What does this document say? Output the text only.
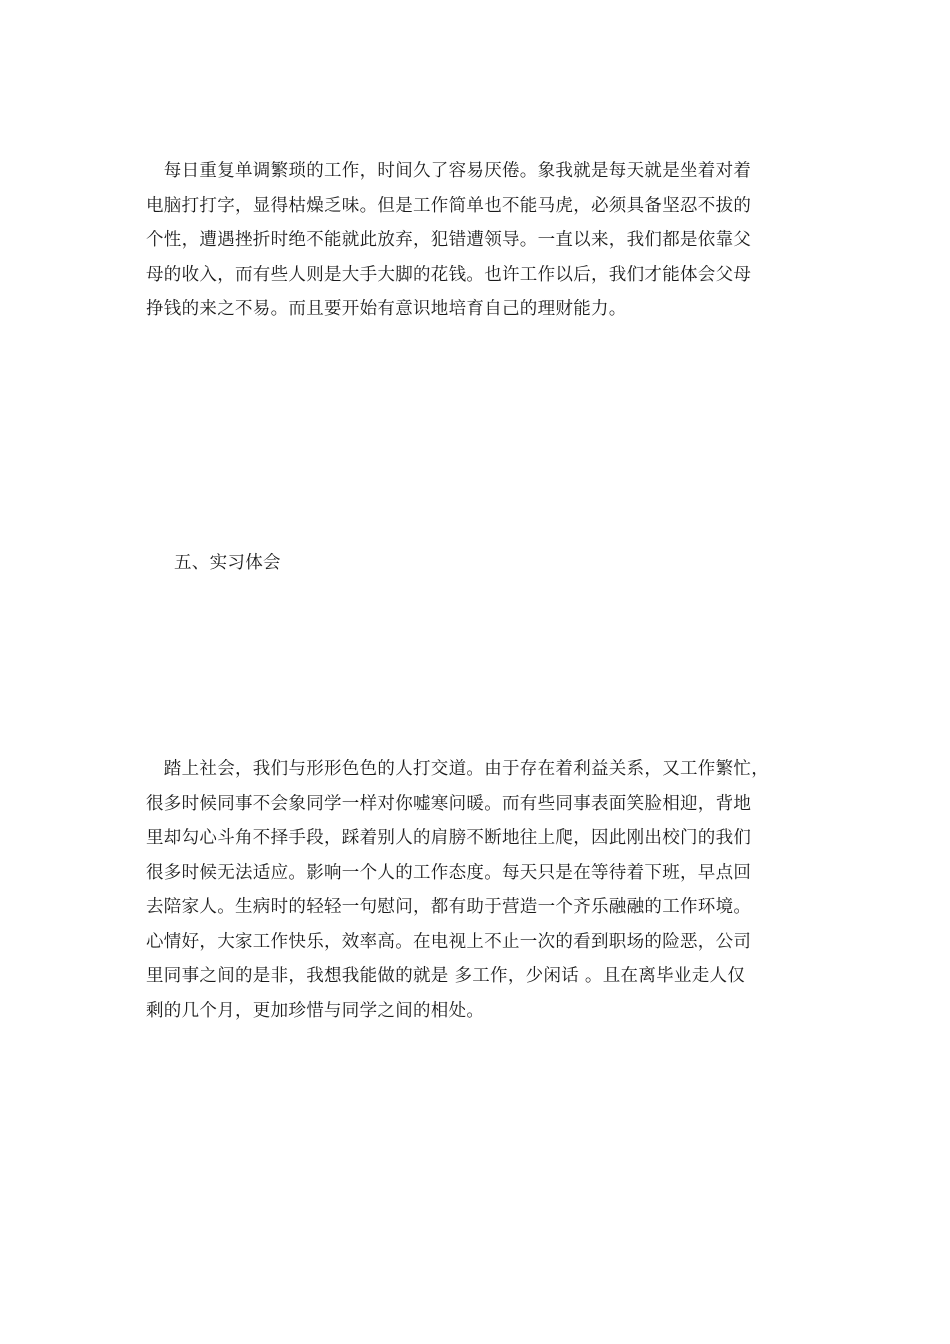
　每日重复单调繁琐的工作，时间久了容易厌倦。象我就是每天就是坐着对着
电脑打打字，显得枯燥乏味。但是工作简单也不能马虎，必须具备坚忍不拔的
个性，遭遇挫折时绝不能就此放弃，犯错遭领导。一直以来，我们都是依靠父
母的收入，而有些人则是大手大脚的花钱。也许工作以后，我们才能体会父母
挣钱的来之不易。而且要开始有意识地培育自己的理财能力。

五、实习体会

　踏上社会，我们与形形色色的人打交道。由于存在着利益关系，又工作繁忙，
很多时候同事不会象同学一样对你嘘寒问暖。而有些同事表面笑脸相迎，背地
里却勾心斗角不择手段，踩着别人的肩膀不断地往上爬，因此刚出校门的我们
很多时候无法适应。影响一个人的工作态度。每天只是在等待着下班，早点回
去陪家人。生病时的轻轻一句慰问，都有助于营造一个齐乐融融的工作环境。
心情好，大家工作快乐，效率高。在电视上不止一次的看到职场的险恶，公司
里同事之间的是非，我想我能做的就是 多工作，少闲话 。且在离毕业走人仅
剩的几个月，更加珍惜与同学之间的相处。
